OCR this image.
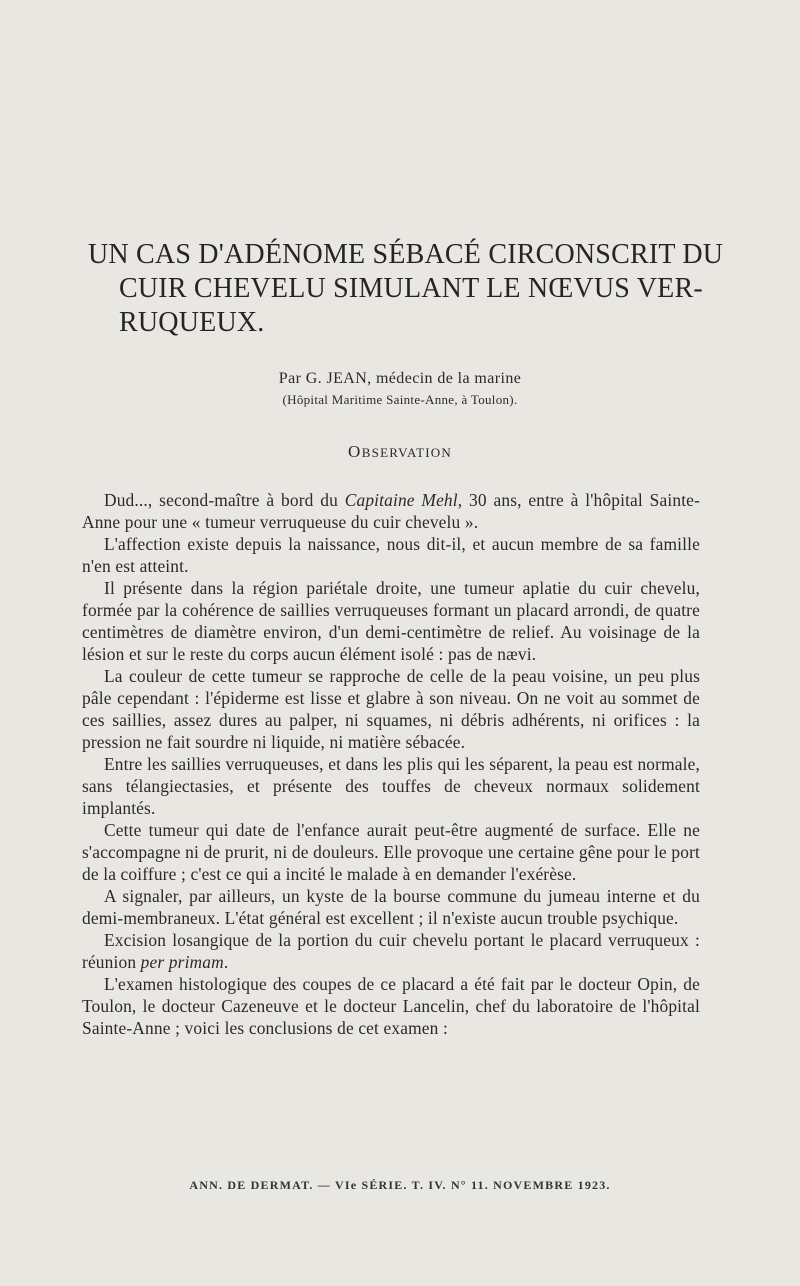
UN CAS D'ADÉNOME SÉBACÉ CIRCONSCRIT DU
CUIR CHEVELU SIMULANT LE NŒVUS VER-
RUQUEUX.
Par G. JEAN, médecin de la marine
(Hôpital Maritime Sainte-Anne, à Toulon).
OBSERVATION

Dud..., second-maître à bord du Capitaine Mehl, 30 ans, entre à l'hôpital Sainte-Anne pour une « tumeur verruqueuse du cuir chevelu ».

L'affection existe depuis la naissance, nous dit-il, et aucun membre de sa famille n'en est atteint.

Il présente dans la région pariétale droite, une tumeur aplatie du cuir chevelu, formée par la cohérence de saillies verruqueuses formant un placard arrondi, de quatre centimètres de diamètre environ, d'un demi-centimètre de relief. Au voisinage de la lésion et sur le reste du corps aucun élément isolé : pas de nævi.

La couleur de cette tumeur se rapproche de celle de la peau voisine, un peu plus pâle cependant : l'épiderme est lisse et glabre à son niveau. On ne voit au sommet de ces saillies, assez dures au palper, ni squames, ni débris adhérents, ni orifices : la pression ne fait sourdre ni liquide, ni matière sébacée.

Entre les saillies verruqueuses, et dans les plis qui les séparent, la peau est normale, sans télangiectasies, et présente des touffes de cheveux normaux solidement implantés.

Cette tumeur qui date de l'enfance aurait peut-être augmenté de surface. Elle ne s'accompagne ni de prurit, ni de douleurs. Elle provoque une certaine gêne pour le port de la coiffure ; c'est ce qui a incité le malade à en demander l'exérèse.

A signaler, par ailleurs, un kyste de la bourse commune du jumeau interne et du demi-membraneux. L'état général est excellent ; il n'existe aucun trouble psychique.

Excision losangique de la portion du cuir chevelu portant le placard verruqueux : réunion per primam.

L'examen histologique des coupes de ce placard a été fait par le docteur Opin, de Toulon, le docteur Cazeneuve et le docteur Lancelin, chef du laboratoire de l'hôpital Sainte-Anne ; voici les conclusions de cet examen :

ANN. DE DERMAT. — VIe SÉRIE. T. IV. N° 11. NOVEMBRE 1923.
